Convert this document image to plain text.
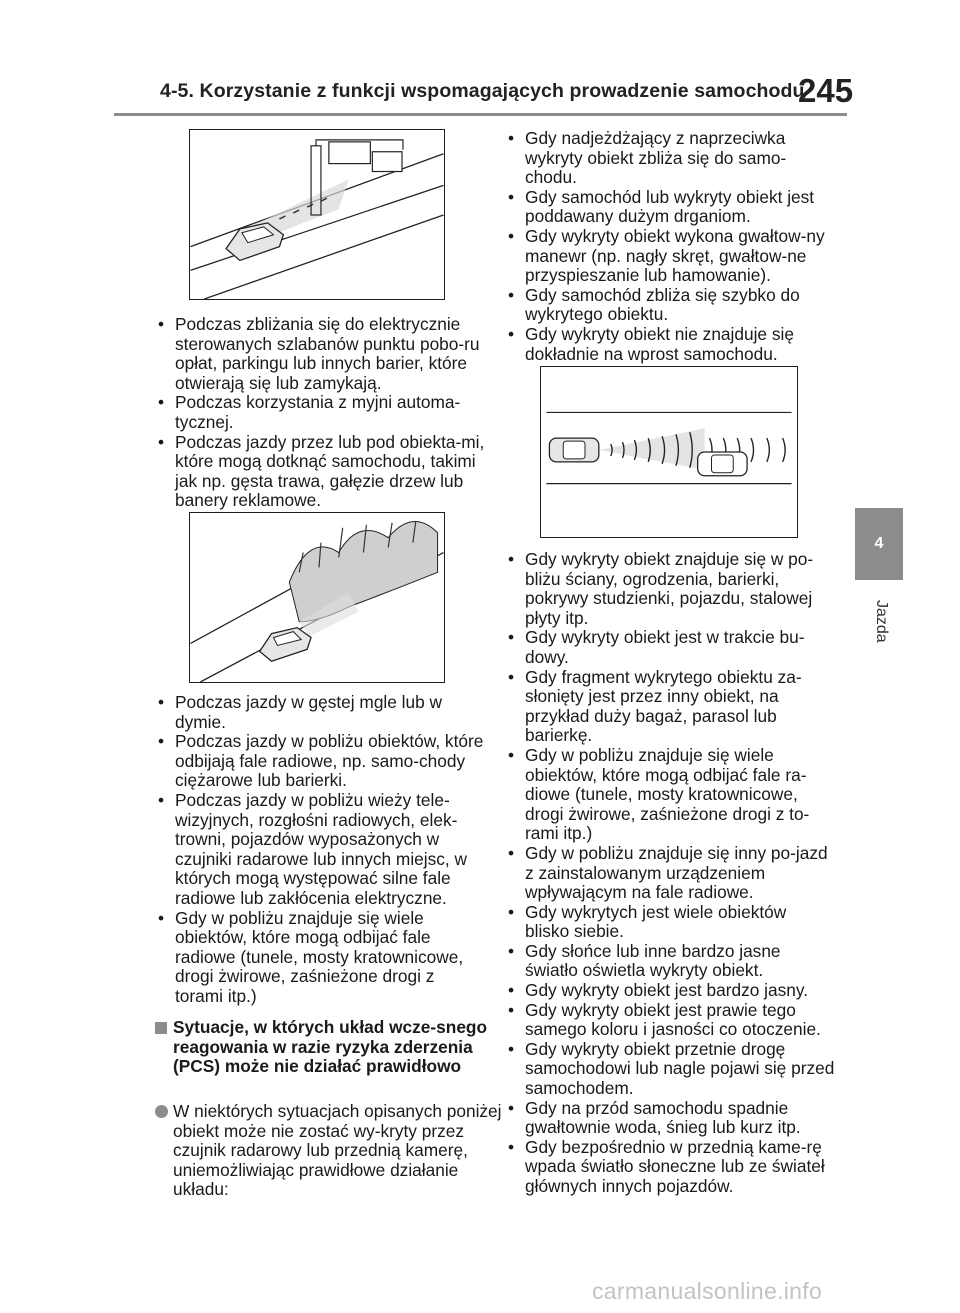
4-5. Korzystanie z funkcji wspomagających prowadzenie samochodu
245
4
Jazda
• Podczas zbliżania się do elektrycznie sterowanych szlabanów punktu pobo-ru opłat, parkingu lub innych barier, które otwierają się lub zamykają.
• Podczas korzystania z myjni automa-tycznej.
• Podczas jazdy przez lub pod obiekta-mi, które mogą dotknąć samochodu, takimi jak np. gęsta trawa, gałęzie drzew lub banery reklamowe.
• Podczas jazdy w gęstej mgle lub w dymie.
• Podczas jazdy w pobliżu obiektów, które odbijają fale radiowe, np. samo-chody ciężarowe lub barierki.
• Podczas jazdy w pobliżu wieży tele-wizyjnych, rozgłośni radiowych, elek-trowni, pojazdów wyposażonych w czujniki radarowe lub innych miejsc, w których mogą występować silne fale radiowe lub zakłócenia elektryczne.
• Gdy w pobliżu znajduje się wiele obiektów, które mogą odbijać fale radiowe (tunele, mosty kratownicowe, drogi żwirowe, zaśnieżone drogi z torami itp.)
Sytuacje, w których układ wcze-snego reagowania w razie ryzyka zderzenia (PCS) może nie działać prawidłowo
W niektórych sytuacjach opisanych poniżej obiekt może nie zostać wy-kryty przez czujnik radarowy lub przednią kamerę, uniemożliwiając prawidłowe działanie układu:
• Gdy nadjeżdżający z naprzeciwka wykryty obiekt zbliża się do samo-chodu.
• Gdy samochód lub wykryty obiekt jest poddawany dużym drganiom.
• Gdy wykryty obiekt wykona gwałtow-ny manewr (np. nagły skręt, gwałtow-ne przyspieszanie lub hamowanie).
• Gdy samochód zbliża się szybko do wykrytego obiektu.
• Gdy wykryty obiekt nie znajduje się dokładnie na wprost samochodu.
• Gdy wykryty obiekt znajduje się w po-bliżu ściany, ogrodzenia, barierki, pokrywy studzienki, pojazdu, stalowej płyty itp.
• Gdy wykryty obiekt jest w trakcie bu-dowy.
• Gdy fragment wykrytego obiektu za-słonięty jest przez inny obiekt, na przykład duży bagaż, parasol lub barierkę.
• Gdy w pobliżu znajduje się wiele obiektów, które mogą odbijać fale ra-diowe (tunele, mosty kratownicowe, drogi żwirowe, zaśnieżone drogi z to-rami itp.)
• Gdy w pobliżu znajduje się inny po-jazd z zainstalowanym urządzeniem wpływającym na fale radiowe.
• Gdy wykrytych jest wiele obiektów blisko siebie.
• Gdy słońce lub inne bardzo jasne światło oświetla wykryty obiekt.
• Gdy wykryty obiekt jest bardzo jasny.
• Gdy wykryty obiekt jest prawie tego samego koloru i jasności co otoczenie.
• Gdy wykryty obiekt przetnie drogę samochodowi lub nagle pojawi się przed samochodem.
• Gdy na przód samochodu spadnie gwałtownie woda, śnieg lub kurz itp.
• Gdy bezpośrednio w przednią kame-rę wpada światło słoneczne lub ze świateł głównych innych pojazdów.
carmanualsonline.info
